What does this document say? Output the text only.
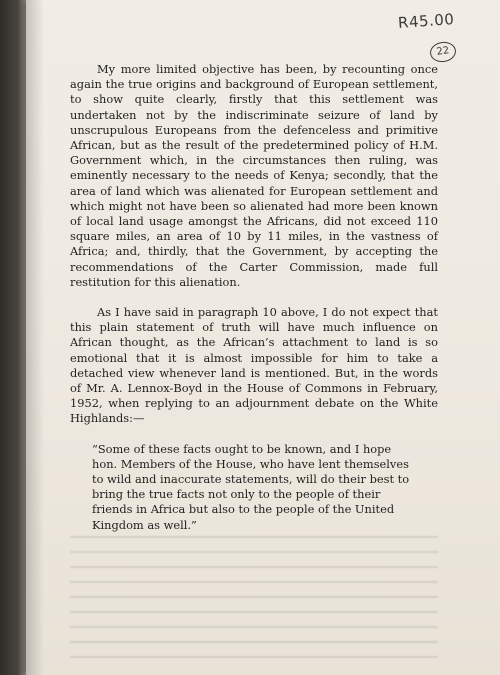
R45.00
22

My more limited objective has been, by recounting once again the true origins and background of European settlement, to show quite clearly, firstly that this settlement was undertaken not by the indiscriminate seizure of land by unscrupulous Europeans from the defenceless and primitive African, but as the result of the predetermined policy of H.M. Government which, in the circumstances then ruling, was eminently necessary to the needs of Kenya; secondly, that the area of land which was alienated for European settlement and which might not have been so alienated had more been known of local land usage amongst the Africans, did not exceed 110 square miles, an area of 10 by 11 miles, in the vastness of Africa; and, thirdly, that the Government, by accepting the recommendations of the Carter Commission, made full restitution for this alienation.

As I have said in paragraph 10 above, I do not expect that this plain statement of truth will have much influence on African thought, as the African’s attachment to land is so emotional that it is almost impossible for him to take a detached view whenever land is mentioned. But, in the words of Mr. A. Lennox-Boyd in the House of Commons in February, 1952, when replying to an adjournment debate on the White Highlands:—

“Some of these facts ought to be known, and I hope hon. Members of the House, who have lent themselves to wild and inaccurate statements, will do their best to bring the true facts not only to the people of their friends in Africa but also to the people of the United Kingdom as well.”
